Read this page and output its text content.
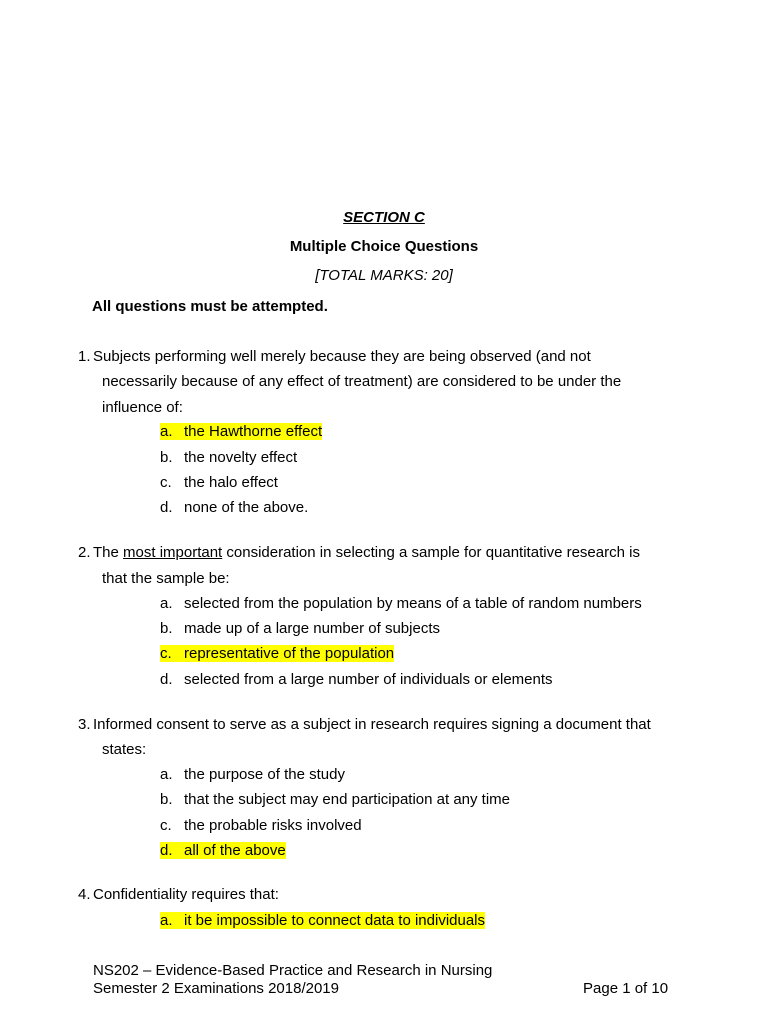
SECTION C
Multiple Choice Questions
[TOTAL MARKS: 20]
All questions must be attempted.
1. Subjects performing well merely because they are being observed (and not
necessarily because of any effect of treatment) are considered to be under the
influence of:
a. the Hawthorne effect
b. the novelty effect
c. the halo effect
d. none of the above.
2. The most important consideration in selecting a sample for quantitative research is
that the sample be:
a. selected from the population by means of a table of random numbers
b. made up of a large number of subjects
c. representative of the population
d. selected from a large number of individuals or elements
3. Informed consent to serve as a subject in research requires signing a document that
states:
a. the purpose of the study
b. that the subject may end participation at any time
c. the probable risks involved
d. all of the above
4. Confidentiality requires that:
a. it be impossible to connect data to individuals
NS202 – Evidence-Based Practice and Research in Nursing
Semester 2 Examinations 2018/2019	Page 1 of 10
